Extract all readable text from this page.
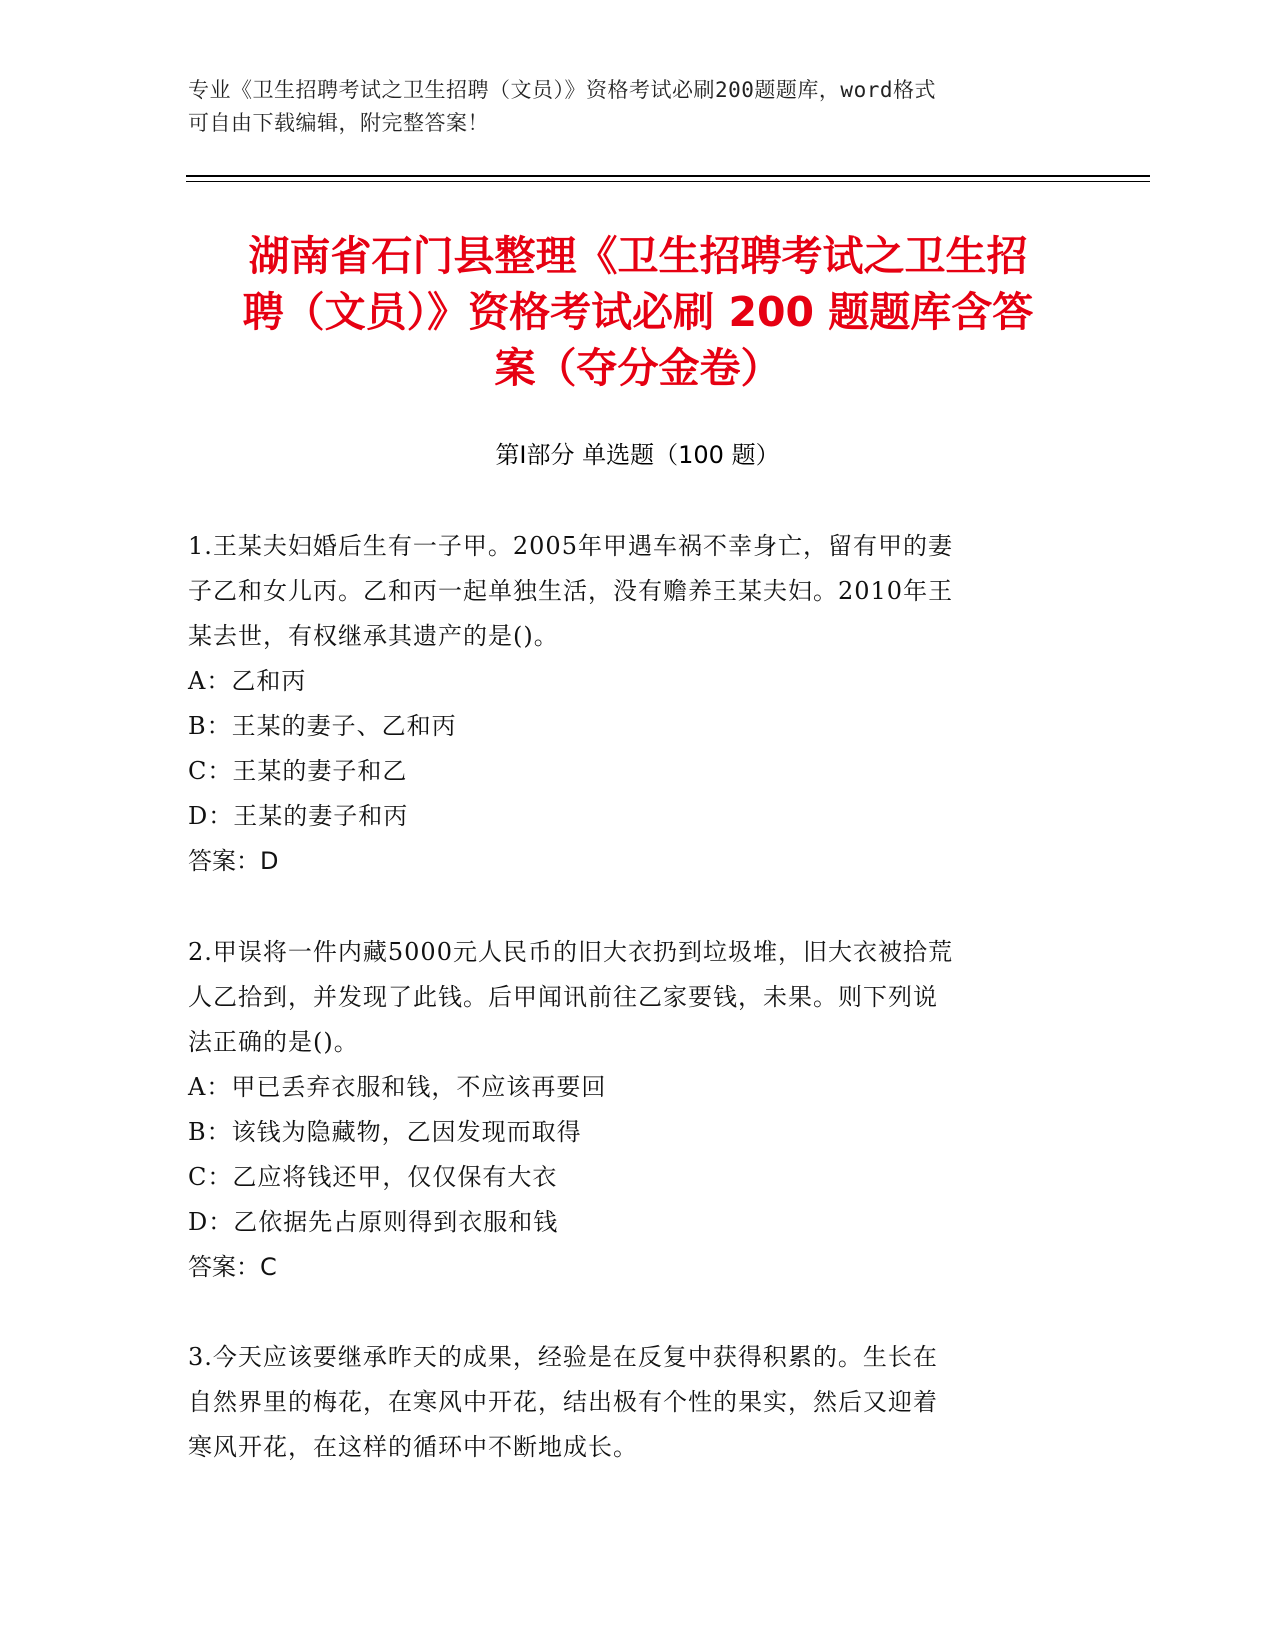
专业《卫生招聘考试之卫生招聘（文员）》资格考试必刷200题题库，word格式
可自由下载编辑，附完整答案！
湖南省石门县整理《卫生招聘考试之卫生招
聘（文员）》资格考试必刷 200 题题库含答
案（夺分金卷）
第Ⅰ部分 单选题（100 题）
1.王某夫妇婚后生有一子甲。2005年甲遇车祸不幸身亡，留有甲的妻
子乙和女儿丙。乙和丙一起单独生活，没有赡养王某夫妇。2010年王
某去世，有权继承其遗产的是()。
A：乙和丙
B：王某的妻子、乙和丙
C：王某的妻子和乙
D：王某的妻子和丙
答案：D
2.甲误将一件内藏5000元人民币的旧大衣扔到垃圾堆，旧大衣被拾荒
人乙拾到，并发现了此钱。后甲闻讯前往乙家要钱，未果。则下列说
法正确的是()。
A：甲已丢弃衣服和钱，不应该再要回
B：该钱为隐藏物，乙因发现而取得
C：乙应将钱还甲，仅仅保有大衣
D：乙依据先占原则得到衣服和钱
答案：C
3.今天应该要继承昨天的成果，经验是在反复中获得积累的。生长在
自然界里的梅花，在寒风中开花，结出极有个性的果实，然后又迎着
寒风开花，在这样的循环中不断地成长。
